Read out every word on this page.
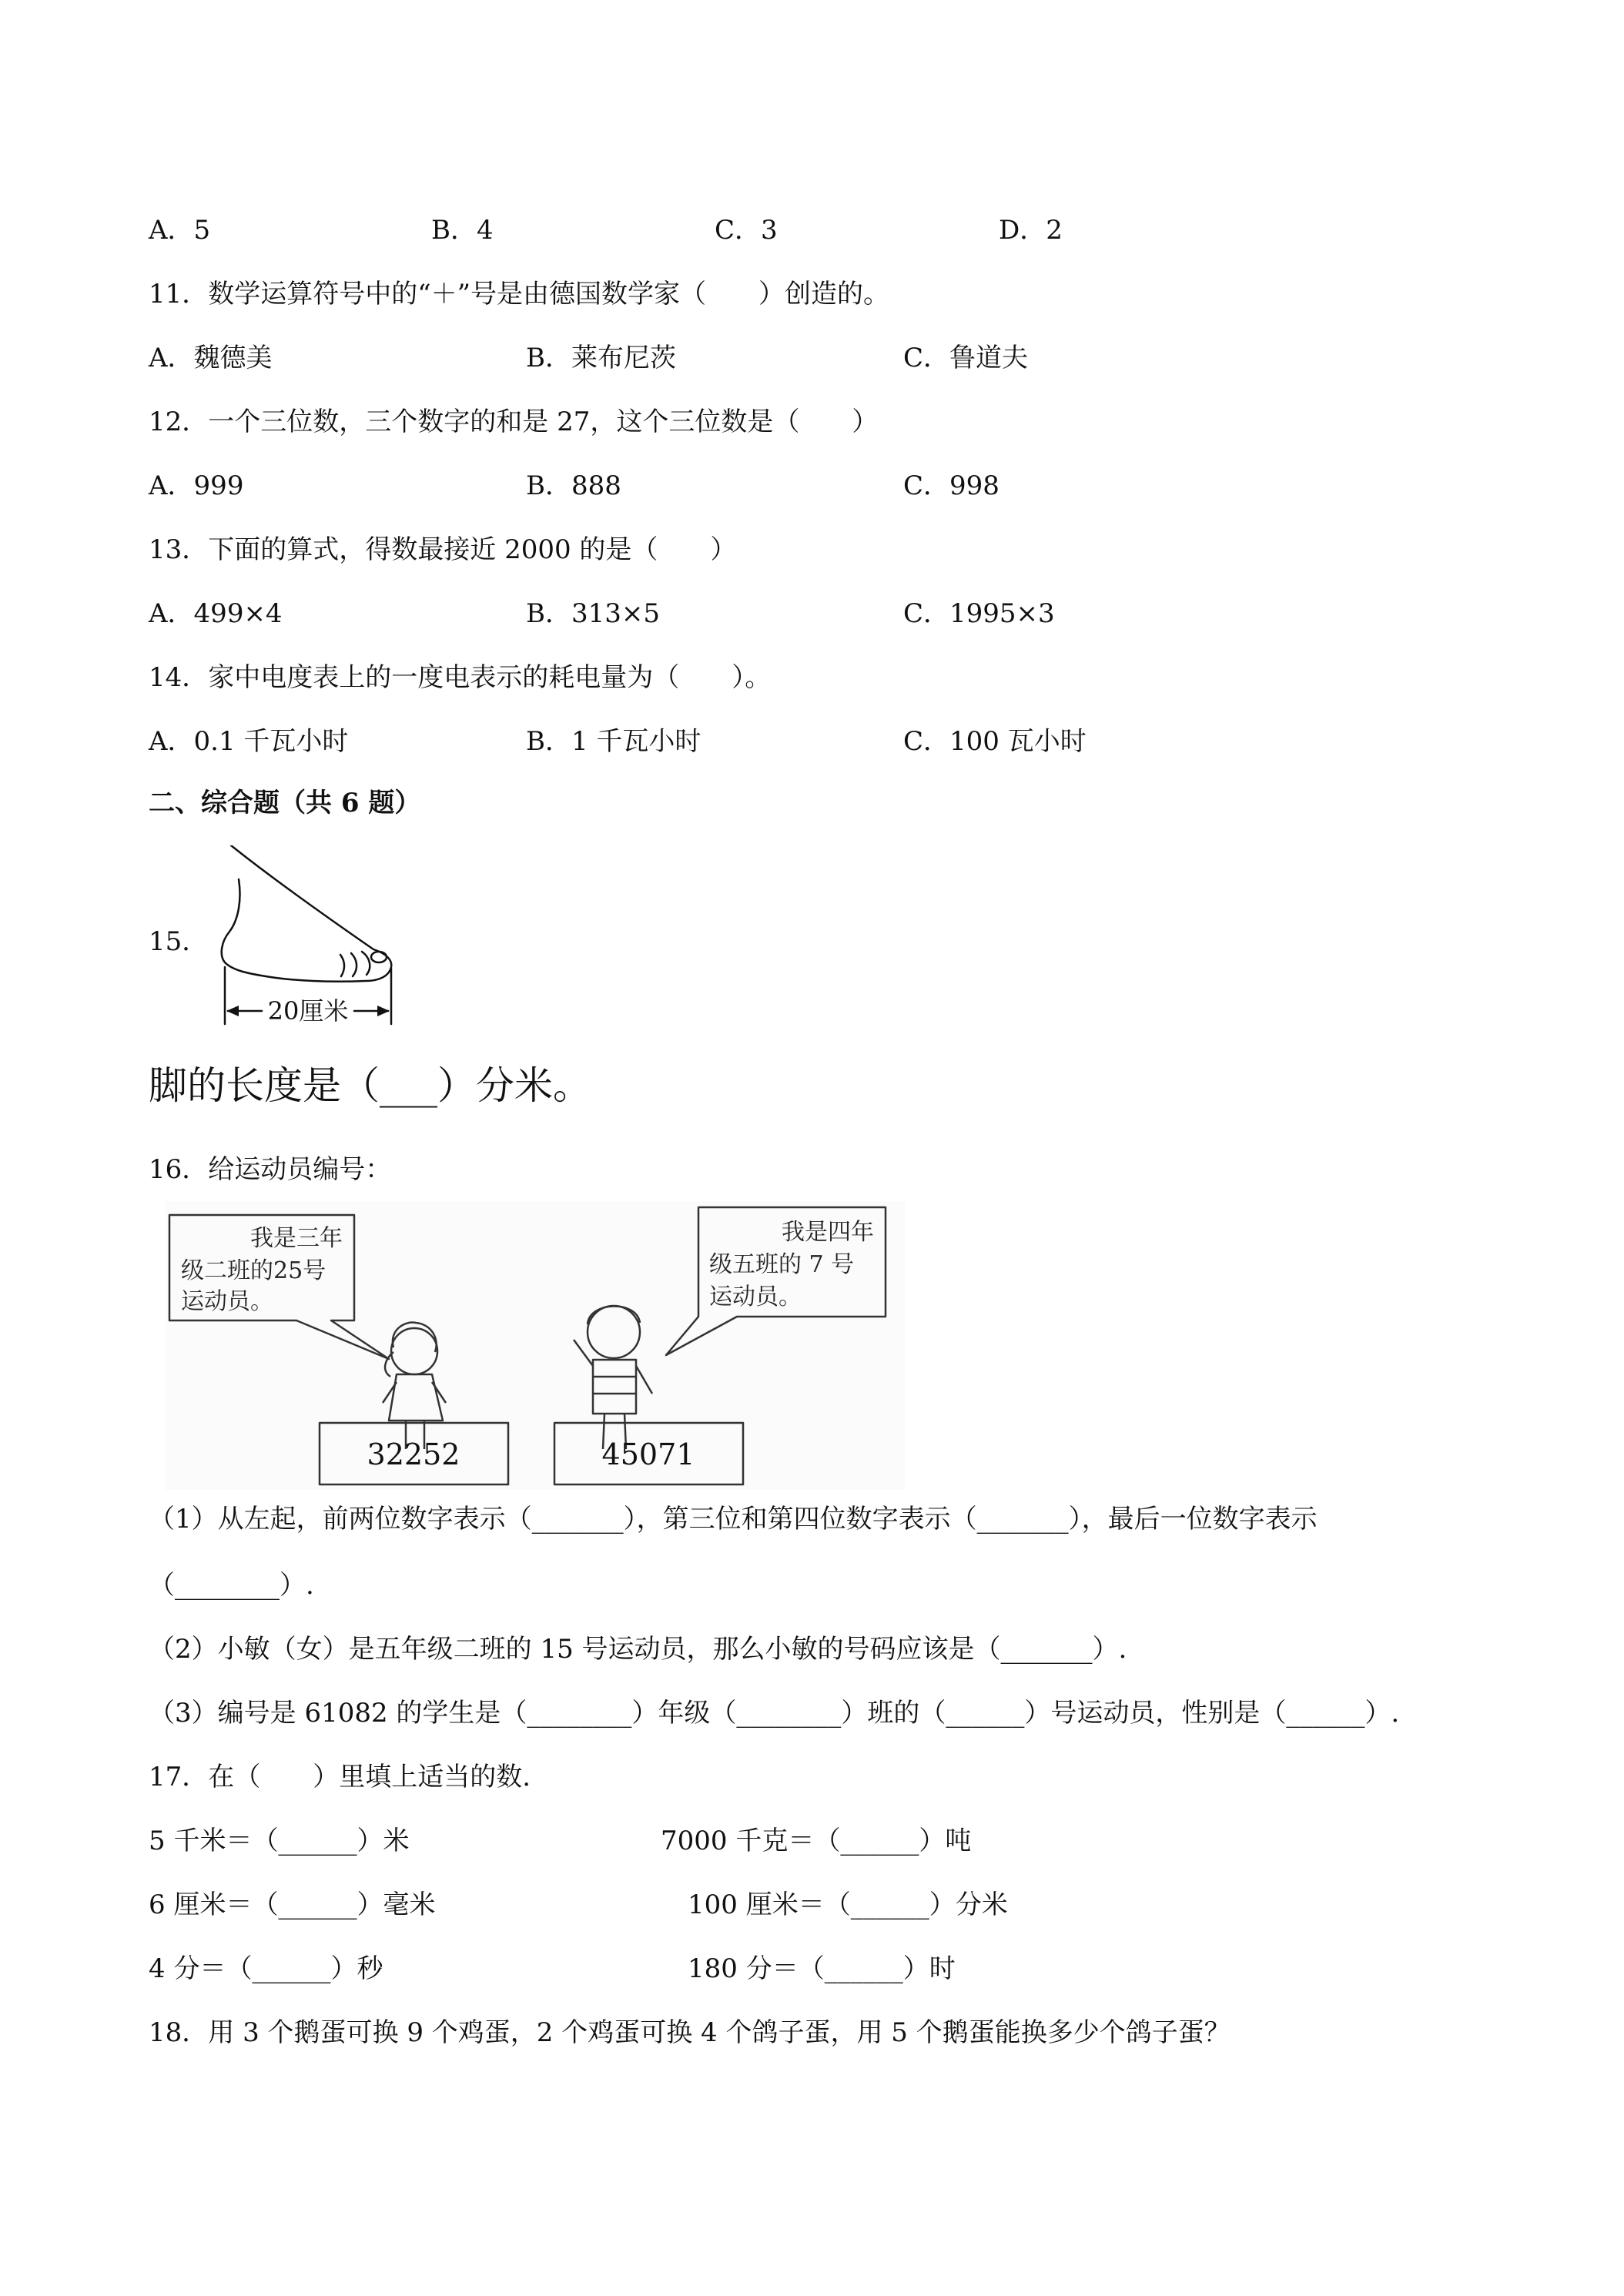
A．5	B．4	C．3	D．2
11．数学运算符号中的“＋”号是由德国数学家（　　）创造的。
A．魏德美	B．莱布尼茨	C．鲁道夫
12．一个三位数，三个数字的和是 27，这个三位数是（　　）
A．999	B．888	C．998
13．下面的算式，得数最接近 2000 的是（　　）
A．499×4	B．313×5	C．1995×3
14．家中电度表上的一度电表示的耗电量为（　　）。
A．0.1 千瓦小时	B．1 千瓦小时	C．100 瓦小时
二、综合题（共 6 题）
15．
20厘米
脚的长度是（___）分米。
16．给运动员编号：
我是三年
级二班的25号
运动员。
我是四年
级五班的 7 号
运动员。
32252	45071
（1）从左起，前两位数字表示（_______），第三位和第四位数字表示（_______），最后一位数字表示
（________）.
（2）小敏（女）是五年级二班的 15 号运动员，那么小敏的号码应该是（_______）.
（3）编号是 61082 的学生是（________）年级（________）班的（______）号运动员，性别是（______）.
17．在（　　）里填上适当的数.
5 千米＝（______）米	7000 千克＝（______）吨
6 厘米＝（______）毫米	100 厘米＝（______）分米
4 分＝（______）秒	180 分＝（______）时
18．用 3 个鹅蛋可换 9 个鸡蛋，2 个鸡蛋可换 4 个鸽子蛋，用 5 个鹅蛋能换多少个鸽子蛋？
